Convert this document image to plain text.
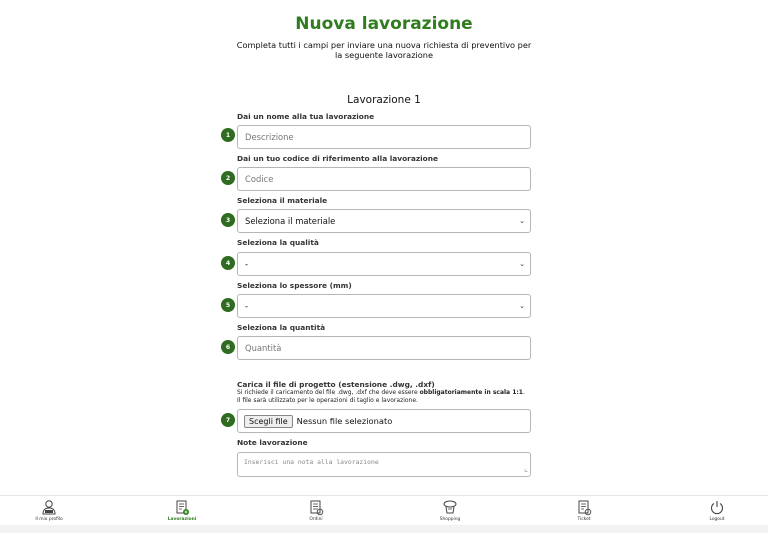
Nuova lavorazione
Completa tutti i campi per inviare una nuova richiesta di preventivo per la seguente lavorazione
Lavorazione 1
Dai un nome alla tua lavorazione
1	Descrizione
Dai un tuo codice di riferimento alla lavorazione
2	Codice
Seleziona il materiale
3	Seleziona il materiale	⌄
Seleziona la qualità
4	-	⌄
Seleziona lo spessore (mm)
5	-	⌄
Seleziona la quantità
6	Quantità
Carica il file di progetto (estensione .dwg, .dxf)
Si richiede il caricamento del file .dwg, .dxf che deve essere obbligatoriamente in scala 1:1.
Il file sarà utilizzato per le operazioni di taglio e lavorazione.
7	Scegli file	Nessun file selezionato
Note lavorazione
Inserisci una nota alla lavorazione
∟
Il mio profilo	Lavorazioni	Ordini	Shopping	Ticket	Logout
